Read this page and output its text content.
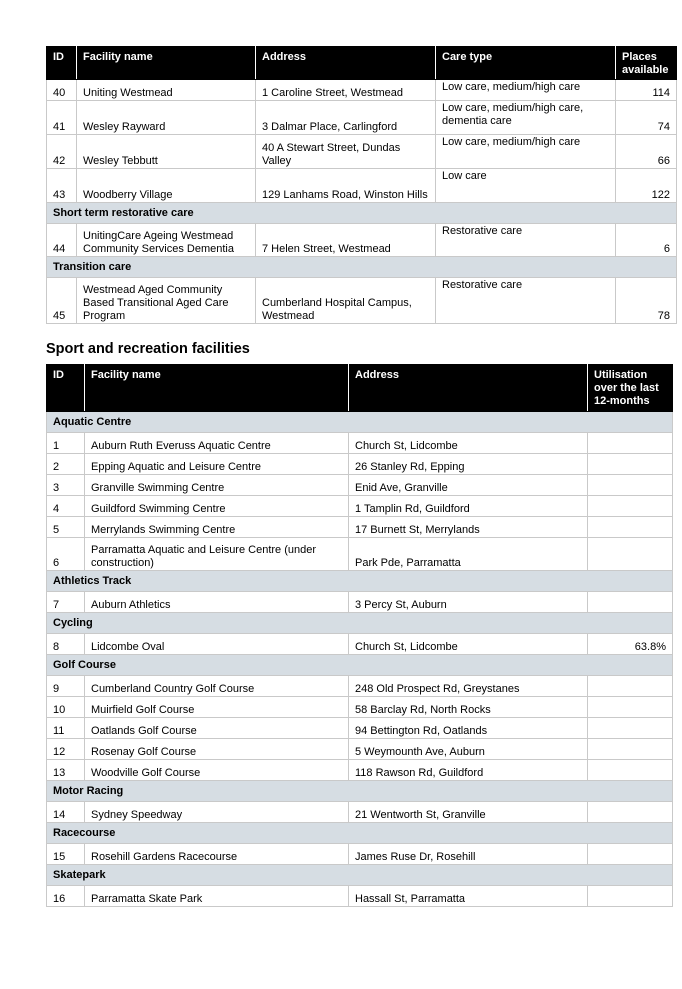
ID	Facility name	Address	Care type	Places available
40	Uniting Westmead	1 Caroline Street, Westmead	Low care, medium/high care	114
41	Wesley Rayward	3 Dalmar Place, Carlingford	Low care, medium/high care, dementia care	74
42	Wesley Tebbutt	40 A Stewart Street, Dundas Valley	Low care, medium/high care	66
43	Woodberry Village	129 Lanhams Road, Winston Hills	Low care	122
Short term restorative care				
44	UnitingCare Ageing Westmead Community Services Dementia	7 Helen Street, Westmead	Restorative care	6
Transition care				
45	Westmead Aged Community Based Transitional Aged Care Program	Cumberland Hospital Campus, Westmead	Restorative care	78
Sport and recreation facilities
ID	Facility name	Address	Utilisation over the last 12-months
Aquatic Centre			
1	Auburn Ruth Everuss Aquatic Centre	Church St, Lidcombe	
2	Epping Aquatic and Leisure Centre	26 Stanley Rd, Epping	
3	Granville Swimming Centre	Enid Ave, Granville	
4	Guildford Swimming Centre	1 Tamplin Rd, Guildford	
5	Merrylands Swimming Centre	17 Burnett St, Merrylands	
6	Parramatta Aquatic and Leisure Centre (under construction)	Park Pde, Parramatta	
Athletics Track			
7	Auburn Athletics	3 Percy St, Auburn	
Cycling			
8	Lidcombe Oval	Church St, Lidcombe	63.8%
Golf Course			
9	Cumberland Country Golf Course	248 Old Prospect Rd, Greystanes	
10	Muirfield Golf Course	58 Barclay Rd, North Rocks	
11	Oatlands Golf Course	94 Bettington Rd, Oatlands	
12	Rosenay Golf Course	5 Weymounth Ave, Auburn	
13	Woodville Golf Course	118 Rawson Rd, Guildford	
Motor Racing			
14	Sydney Speedway	21 Wentworth St, Granville	
Racecourse			
15	Rosehill Gardens Racecourse	James Ruse Dr, Rosehill	
Skatepark			
16	Parramatta Skate Park	Hassall St, Parramatta	
